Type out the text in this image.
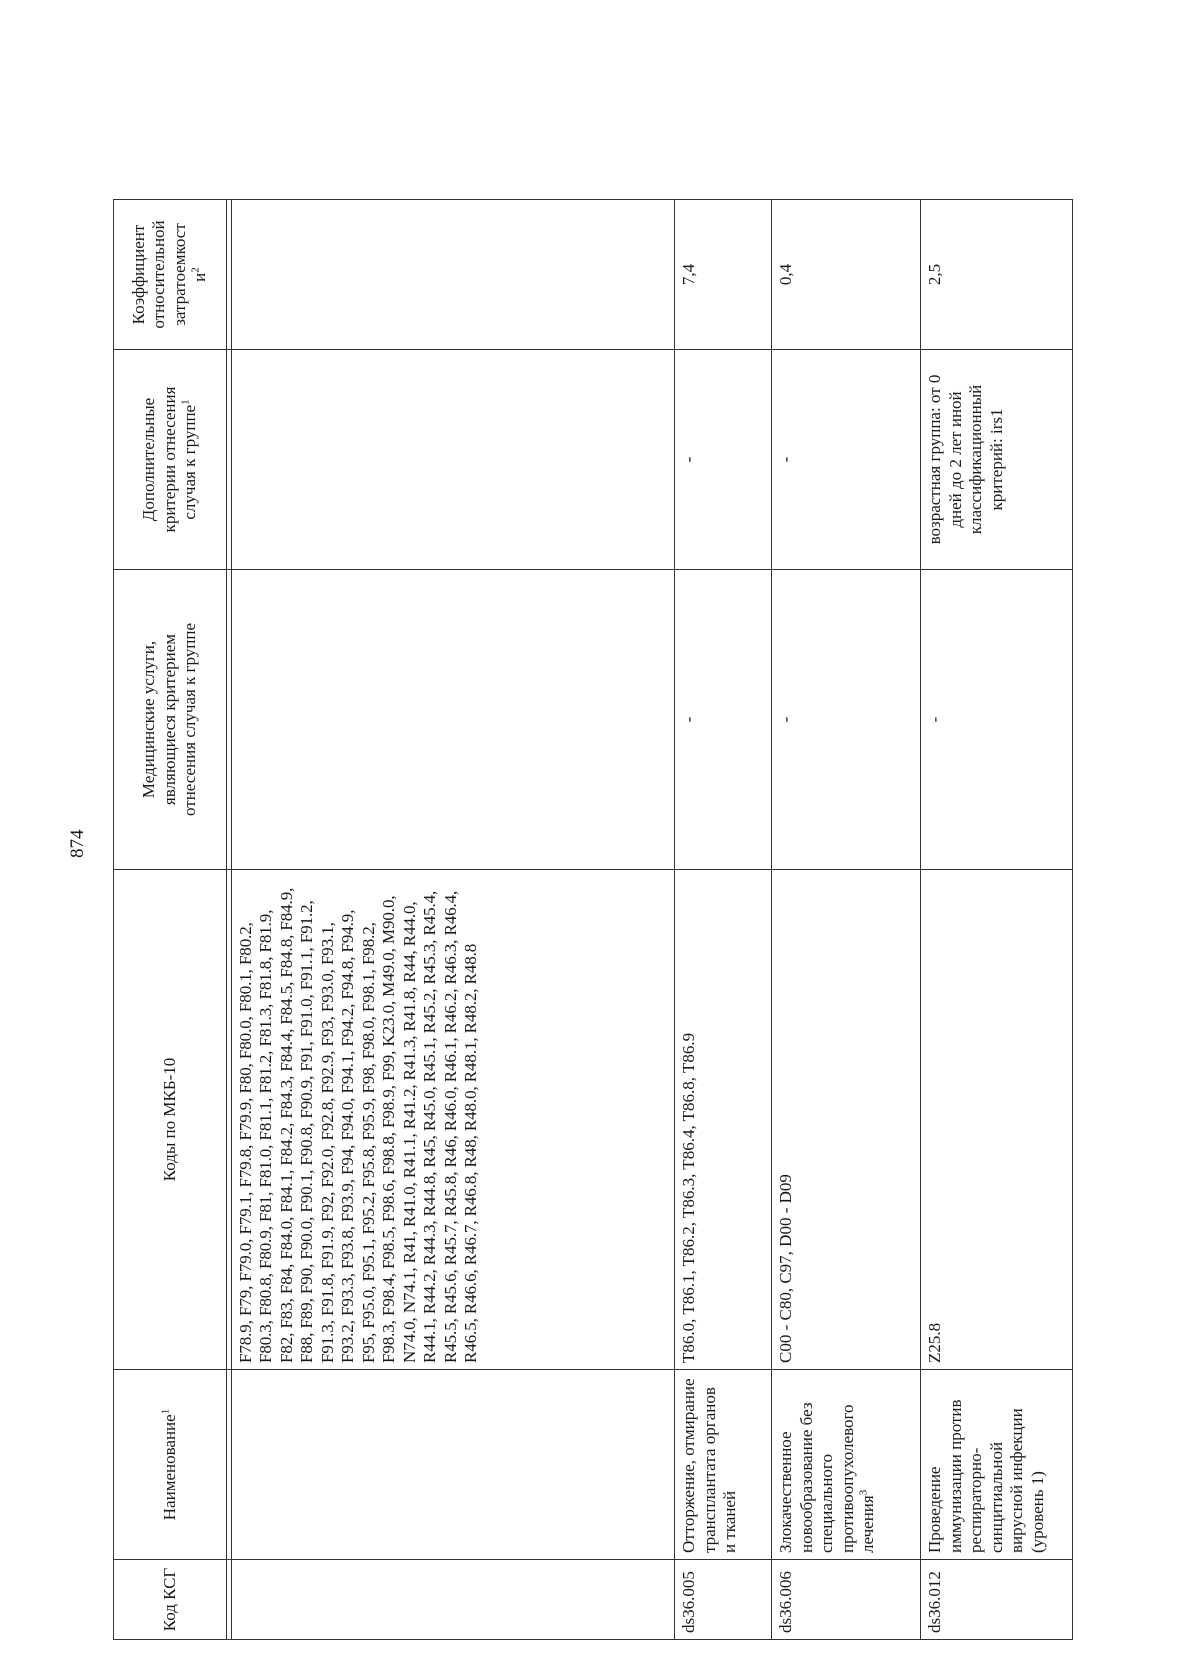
874
Код КСГ	Наименование$^1$	Коды по МКБ-10	Медицинские услуги, являющиеся критерием отнесения случая к группе	Дополнительные критерии отнесения случая к группе$^1$	Коэффициент относительной затратоемкост $и^2$

		F78.9, F79, F79.0, F79.1, F79.8, F79.9, F80, F80.0, F80.1, F80.2, F80.3, F80.8, F80.9, F81, F81.0, F81.1, F81.2, F81.3, F81.8, F81.9, F82, F83, F84, F84.0, F84.1, F84.2, F84.3, F84.4, F84.5, F84.8, F84.9, F88, F89, F90, F90.0, F90.1, F90.8, F90.9, F91, F91.0, F91.1, F91.2, F91.3, F91.8, F91.9, F92, F92.0, F92.8, F92.9, F93, F93.0, F93.1, F93.2, F93.3, F93.8, F93.9, F94, F94.0, F94.1, F94.2, F94.8, F94.9, F95, F95.0, F95.1, F95.2, F95.8, F95.9, F98, F98.0, F98.1, F98.2, F98.3, F98.4, F98.5, F98.6, F98.8, F98.9, F99, K23.0, M49.0, M90.0, N74.0, N74.1, R41, R41.0, R41.1, R41.2, R41.3, R41.8, R44, R44.0, R44.1, R44.2, R44.3, R44.8, R45, R45.0, R45.1, R45.2, R45.3, R45.4, R45.5, R45.6, R45.7, R45.8, R46, R46.0, R46.1, R46.2, R46.3, R46.4, R46.5, R46.6, R46.7, R46.8, R48, R48.0, R48.1, R48.2, R48.8			
ds36.005	Отторжение, отмирание трансплантата органов и тканей	T86.0, T86.1, T86.2, T86.3, T86.4, T86.8, T86.9	-	-	7,4
ds36.006	Злокачественное новообразование без специального противоопухолевого лечения$^3$	C00 - C80, C97, D00 - D09	-	-	0,4
ds36.012	Проведение иммунизации против респираторно-синцитиальной вирусной инфекции (уровень 1)	Z25.8	-	возрастная группа: от 0 дней до 2 лет иной классификационный критерий: irs1	2,5
